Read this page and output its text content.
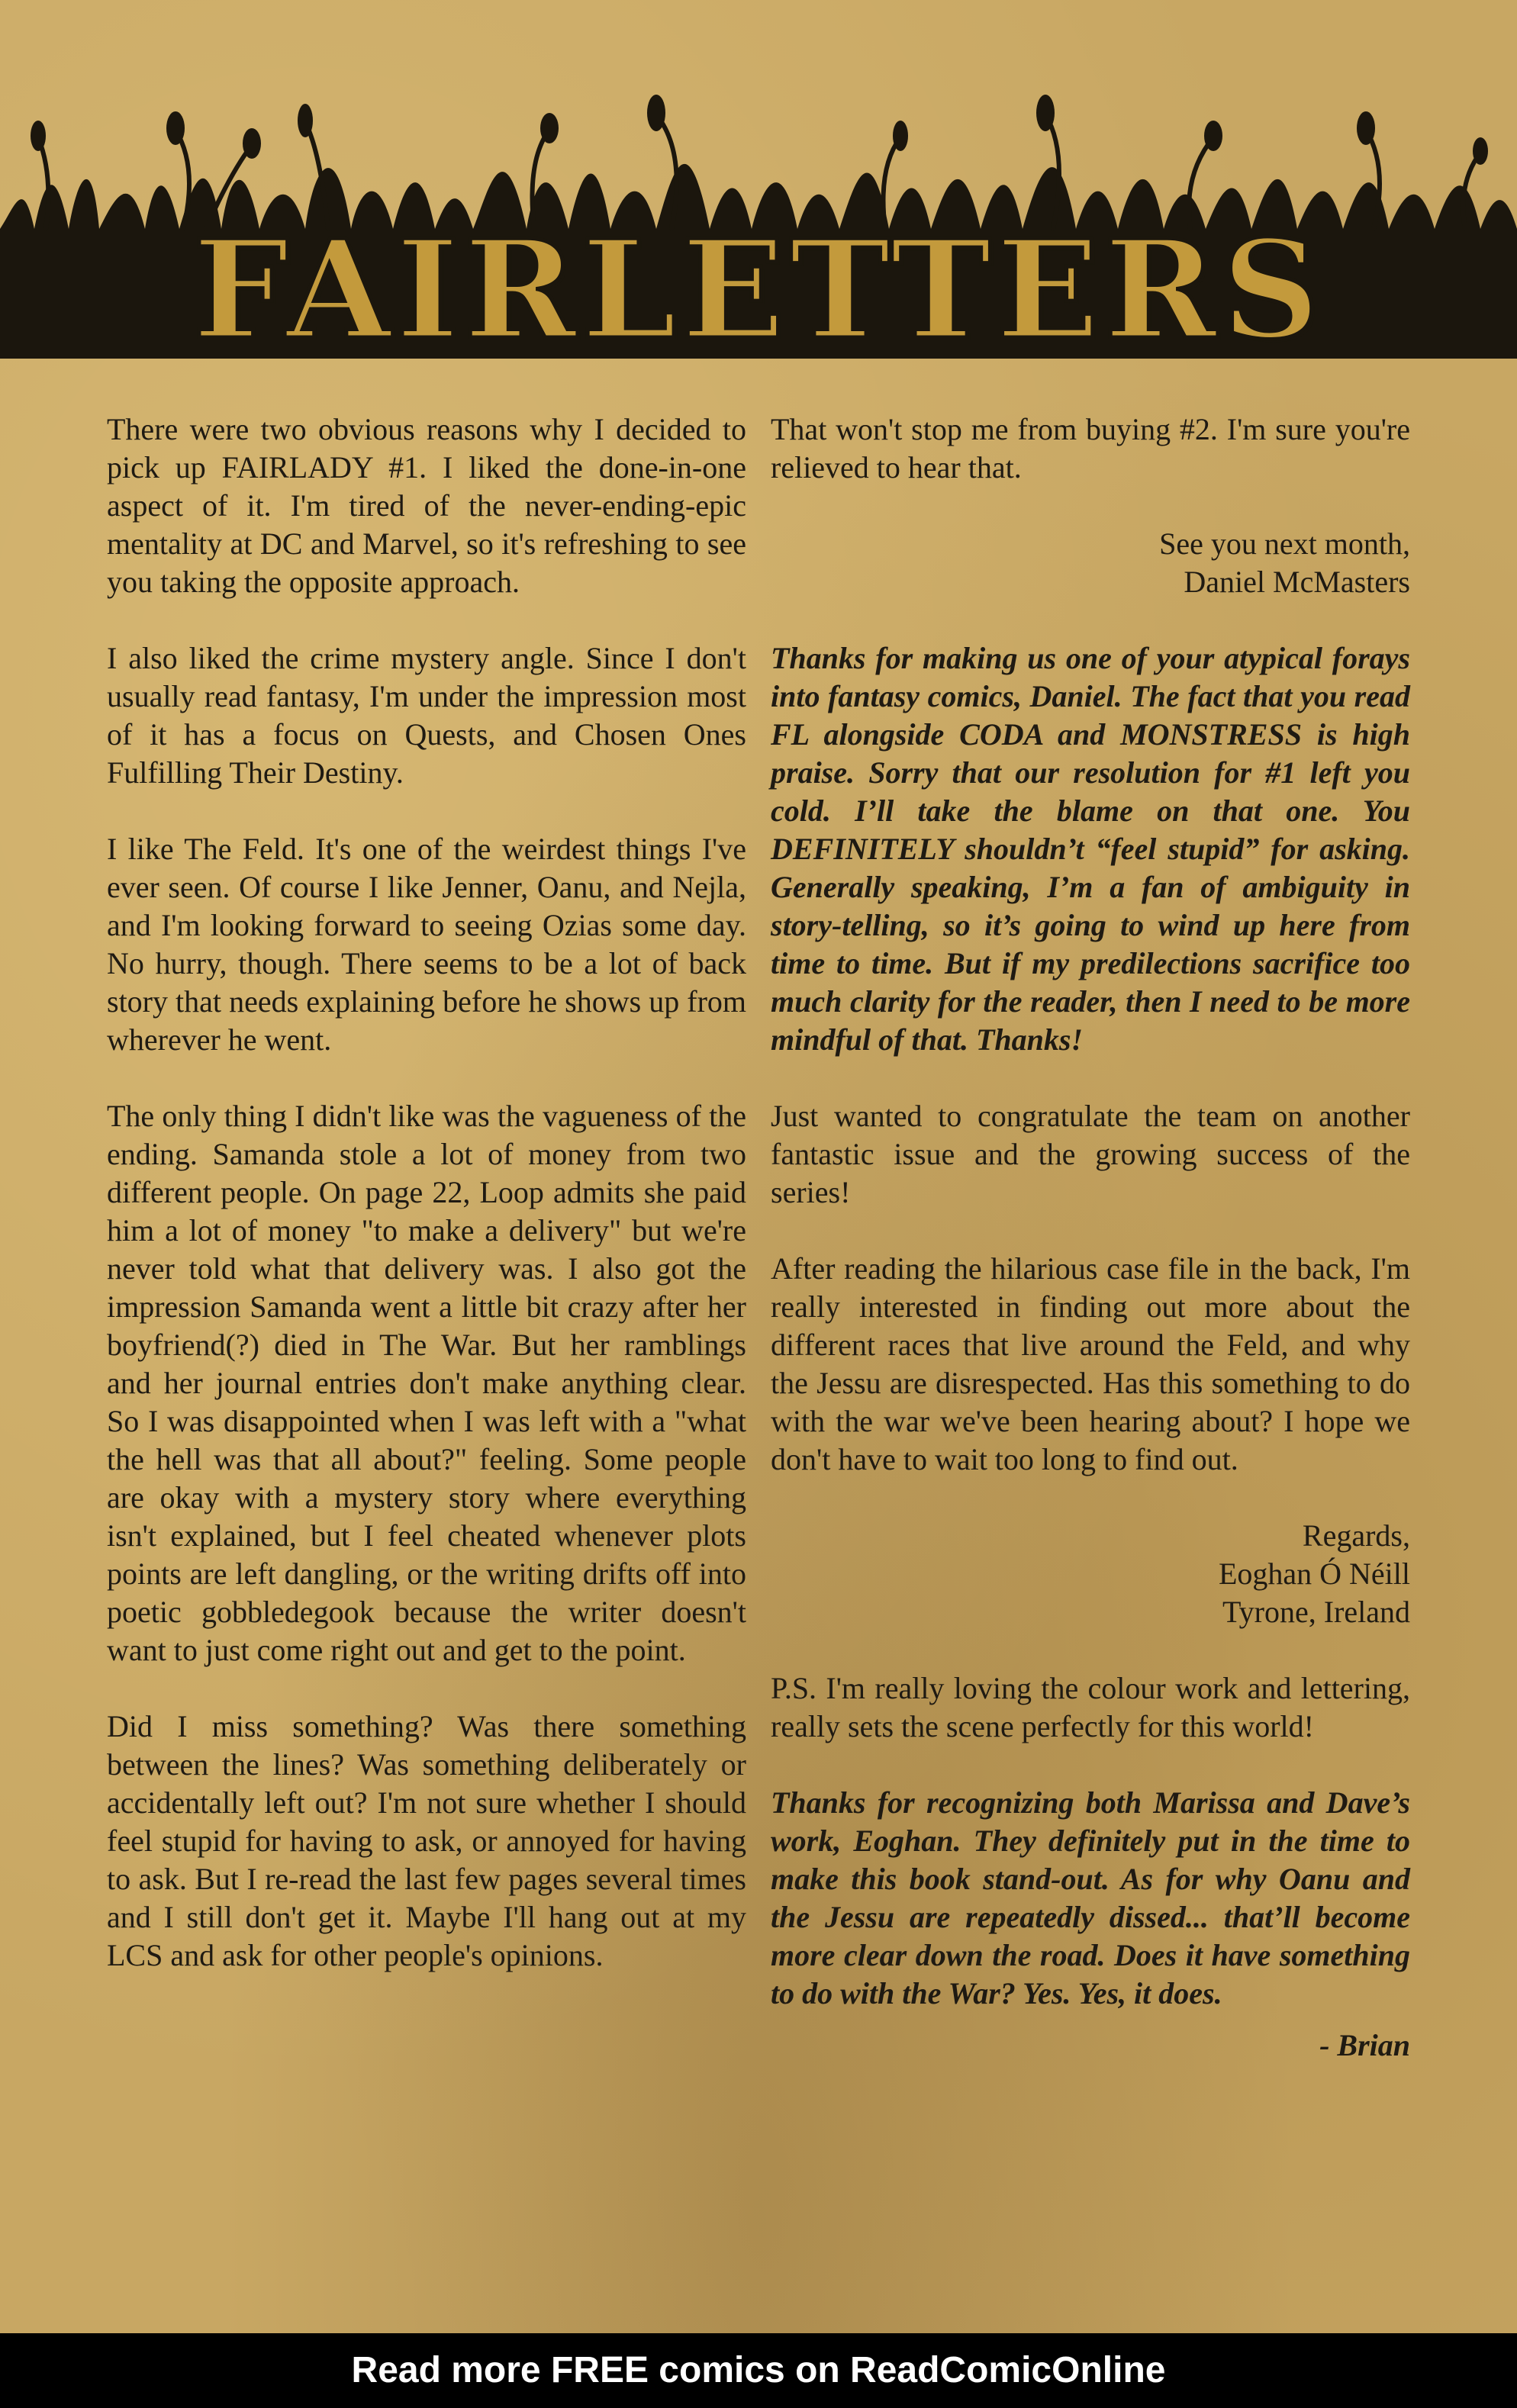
FAIRLETTERS

There were two obvious reasons why I decided to pick up FAIRLADY #1. I liked the done-in-one aspect of it. I'm tired of the never-ending-epic mentality at DC and Marvel, so it's refreshing to see you taking the opposite approach.

I also liked the crime mystery angle. Since I don't usually read fantasy, I'm under the impression most of it has a focus on Quests, and Chosen Ones Fulfilling Their Destiny.

I like The Feld. It's one of the weirdest things I've ever seen. Of course I like Jenner, Oanu, and Nejla, and I'm looking forward to seeing Ozias some day. No hurry, though. There seems to be a lot of back story that needs explaining before he shows up from wherever he went.

The only thing I didn't like was the vagueness of the ending. Samanda stole a lot of money from two different people. On page 22, Loop admits she paid him a lot of money "to make a delivery" but we're never told what that delivery was. I also got the impression Samanda went a little bit crazy after her boyfriend(?) died in The War. But her ramblings and her journal entries don't make anything clear. So I was disappointed when I was left with a "what the hell was that all about?" feeling. Some people are okay with a mystery story where everything isn't explained, but I feel cheated whenever plots points are left dangling, or the writing drifts off into poetic gobbledegook because the writer doesn't want to just come right out and get to the point.

Did I miss something? Was there something between the lines? Was something deliberately or accidentally left out? I'm not sure whether I should feel stupid for having to ask, or annoyed for having to ask. But I re-read the last few pages several times and I still don't get it. Maybe I'll hang out at my LCS and ask for other people's opinions.

That won't stop me from buying #2. I'm sure you're relieved to hear that.

See you next month,
Daniel McMasters

Thanks for making us one of your atypical forays into fantasy comics, Daniel. The fact that you read FL alongside CODA and MONSTRESS is high praise. Sorry that our resolution for #1 left you cold. I’ll take the blame on that one. You DEFINITELY shouldn’t “feel stupid” for asking. Generally speaking, I’m a fan of ambiguity in story-telling, so it’s going to wind up here from time to time. But if my predilections sacrifice too much clarity for the reader, then I need to be more mindful of that. Thanks!

Just wanted to congratulate the team on another fantastic issue and the growing success of the series!

After reading the hilarious case file in the back, I'm really interested in finding out more about the different races that live around the Feld, and why the Jessu are disrespected. Has this something to do with the war we've been hearing about? I hope we don't have to wait too long to find out.

Regards,
Eoghan Ó Néill
Tyrone, Ireland

P.S. I'm really loving the colour work and lettering, really sets the scene perfectly for this world!

Thanks for recognizing both Marissa and Dave’s work, Eoghan. They definitely put in the time to make this book stand-out. As for why Oanu and the Jessu are repeatedly dissed... that’ll become more clear down the road. Does it have something to do with the War? Yes. Yes, it does.

- Brian

Read more FREE comics on ReadComicOnline
